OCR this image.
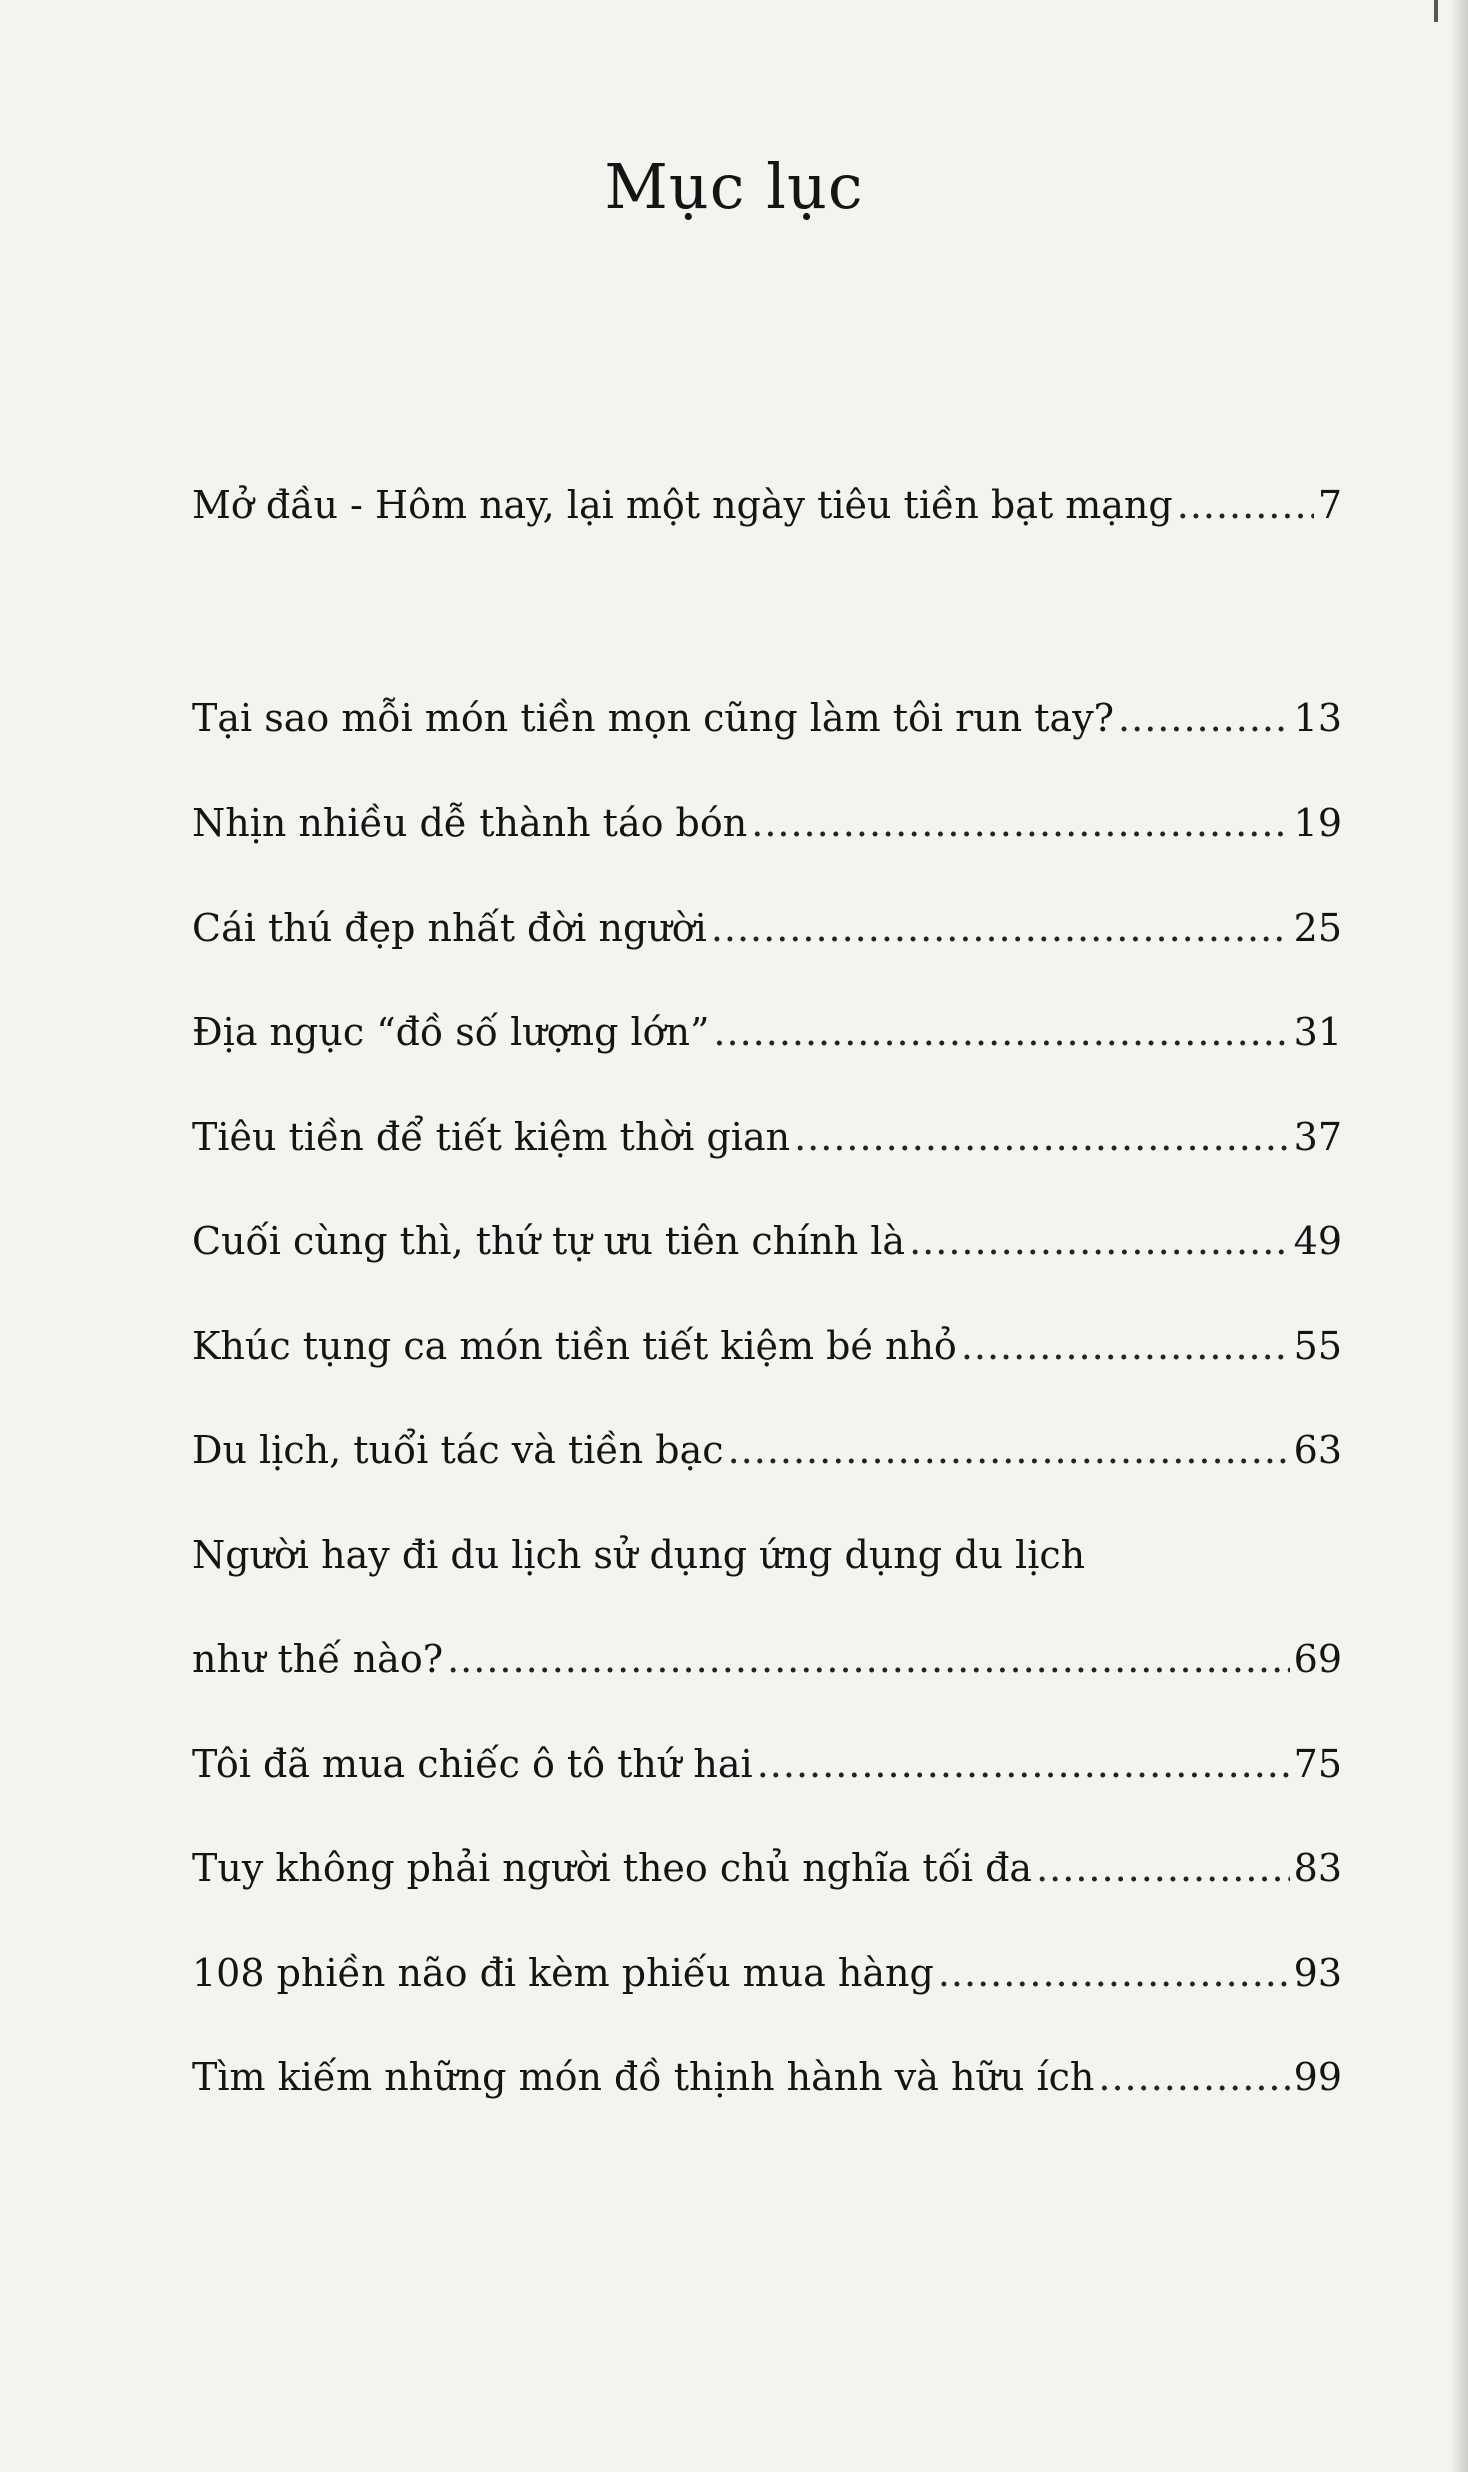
Mục lục
Mở đầu - Hôm nay, lại một ngày tiêu tiền bạt mạng .....	7
Tại sao mỗi món tiền mọn cũng làm tôi run tay? .....	13
Nhịn nhiều dễ thành táo bón .....	19
Cái thú đẹp nhất đời người .....	25
Địa ngục “đồ số lượng lớn” .....	31
Tiêu tiền để tiết kiệm thời gian .....	37
Cuối cùng thì, thứ tự ưu tiên chính là .....	49
Khúc tụng ca món tiền tiết kiệm bé nhỏ .....	55
Du lịch, tuổi tác và tiền bạc .....	63
Người hay đi du lịch sử dụng ứng dụng du lịch
như thế nào? .....	69
Tôi đã mua chiếc ô tô thứ hai .....	75
Tuy không phải người theo chủ nghĩa tối đa .....	83
108 phiền não đi kèm phiếu mua hàng .....	93
Tìm kiếm những món đồ thịnh hành và hữu ích .....	99
